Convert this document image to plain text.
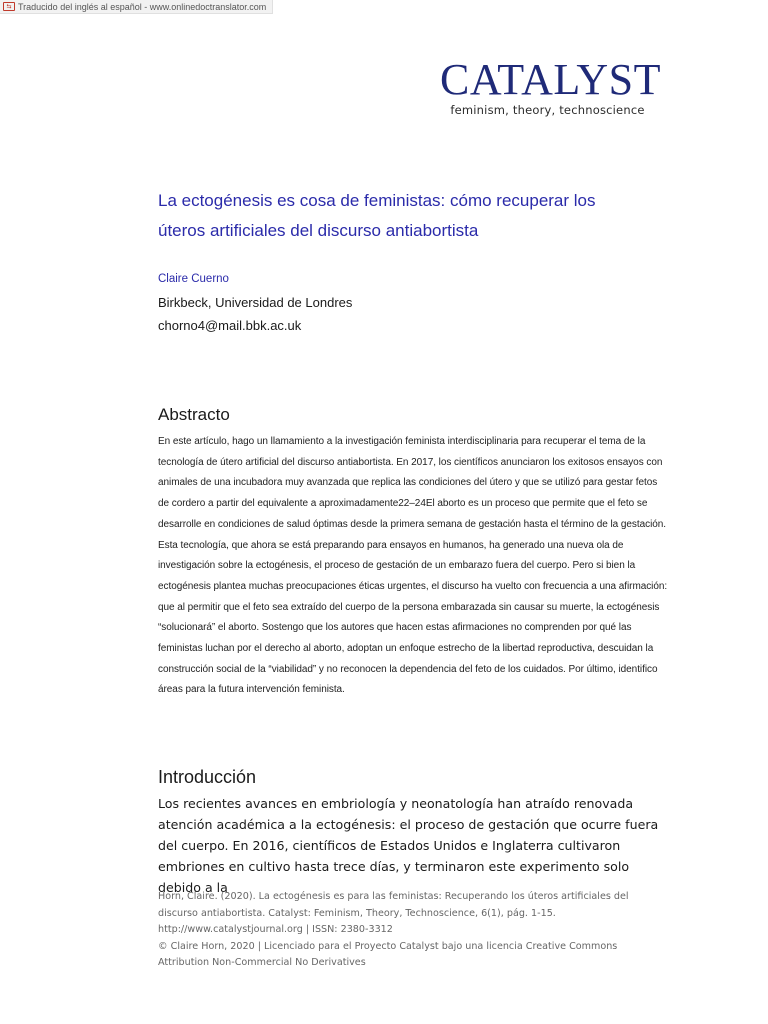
⇆ Traducido del inglés al español - www.onlinedoctranslator.com
CATALYST
feminism, theory, technoscience
La ectogénesis es cosa de feministas: cómo recuperar los úteros artificiales del discurso antiabortista
Claire Cuerno
Birkbeck, Universidad de Londres
chorno4@mail.bbk.ac.uk
Abstracto

En este artículo, hago un llamamiento a la investigación feminista interdisciplinaria para recuperar el tema de la tecnología de útero artificial del discurso antiabortista. En 2017, los científicos anunciaron los exitosos ensayos con animales de una incubadora muy avanzada que replica las condiciones del útero y que se utilizó para gestar fetos de cordero a partir del equivalente a aproximadamente22–24El aborto es un proceso que permite que el feto se desarrolle en condiciones de salud óptimas desde la primera semana de gestación hasta el término de la gestación. Esta tecnología, que ahora se está preparando para ensayos en humanos, ha generado una nueva ola de investigación sobre la ectogénesis, el proceso de gestación de un embarazo fuera del cuerpo. Pero si bien la ectogénesis plantea muchas preocupaciones éticas urgentes, el discurso ha vuelto con frecuencia a una afirmación: que al permitir que el feto sea extraído del cuerpo de la persona embarazada sin causar su muerte, la ectogénesis “solucionará” el aborto. Sostengo que los autores que hacen estas afirmaciones no comprenden por qué las feministas luchan por el derecho al aborto, adoptan un enfoque estrecho de la libertad reproductiva, descuidan la construcción social de la “viabilidad” y no reconocen la dependencia del feto de los cuidados. Por último, identifico áreas para la futura intervención feminista.

Introducción

Los recientes avances en embriología y neonatología han atraído renovada atención académica a la ectogénesis: el proceso de gestación que ocurre fuera del cuerpo. En 2016, científicos de Estados Unidos e Inglaterra cultivaron embriones en cultivo hasta trece días, y terminaron este experimento solo debido a la

Horn, Claire. (2020). La ectogénesis es para las feministas: Recuperando los úteros artificiales del discurso antiabortista. Catalyst: Feminism, Theory, Technoscience, 6(1), pág. 1-15.
http://www.catalystjournal.org | ISSN: 2380-3312
© Claire Horn, 2020 | Licenciado para el Proyecto Catalyst bajo una licencia Creative Commons Attribution Non-Commercial No Derivatives
